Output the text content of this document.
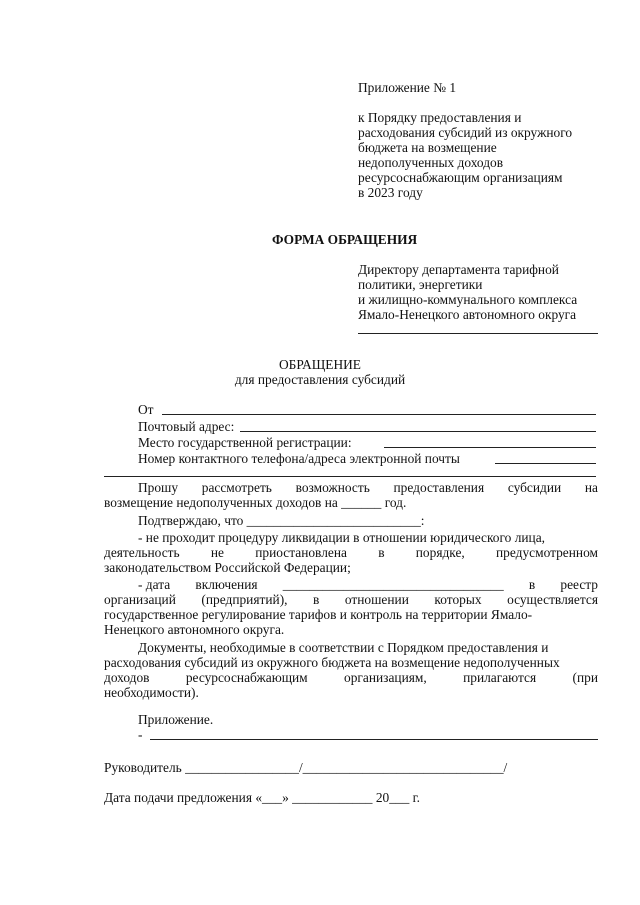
Приложение № 1
к Порядку предоставления и
расходования субсидий из окружного
бюджета на возмещение
недополученных доходов
ресурсоснабжающим организациям
в 2023 году
ФОРМА ОБРАЩЕНИЯ
Директору департамента тарифной
политики, энергетики
и жилищно-коммунального комплекса
Ямало-Ненецкого автономного округа
ОБРАЩЕНИЕ
для предоставления субсидий
От
Почтовый адрес:
Место государственной регистрации:
Номер контактного телефона/адреса электронной почты
Прошу рассмотреть возможность предоставления субсидии на
возмещение недополученных доходов на ______ год.
Подтверждаю, что __________________________:
- не проходит процедуру ликвидации в отношении юридического лица,
деятельность не приостановлена в порядке, предусмотренном
законодательством Российской Федерации;
- дата включения _________________________________ в реестр
организаций (предприятий), в отношении которых осуществляется
государственное регулирование тарифов и контроль на территории Ямало-
Ненецкого автономного округа.
Документы, необходимые в соответствии с Порядком предоставления и
расходования субсидий из окружного бюджета на возмещение недополученных
доходов	ресурсоснабжающим	организациям,	прилагаются	(при
необходимости).
Приложение.
-
Руководитель _________________/______________________________/
Дата подачи предложения «___» ____________ 20___ г.
